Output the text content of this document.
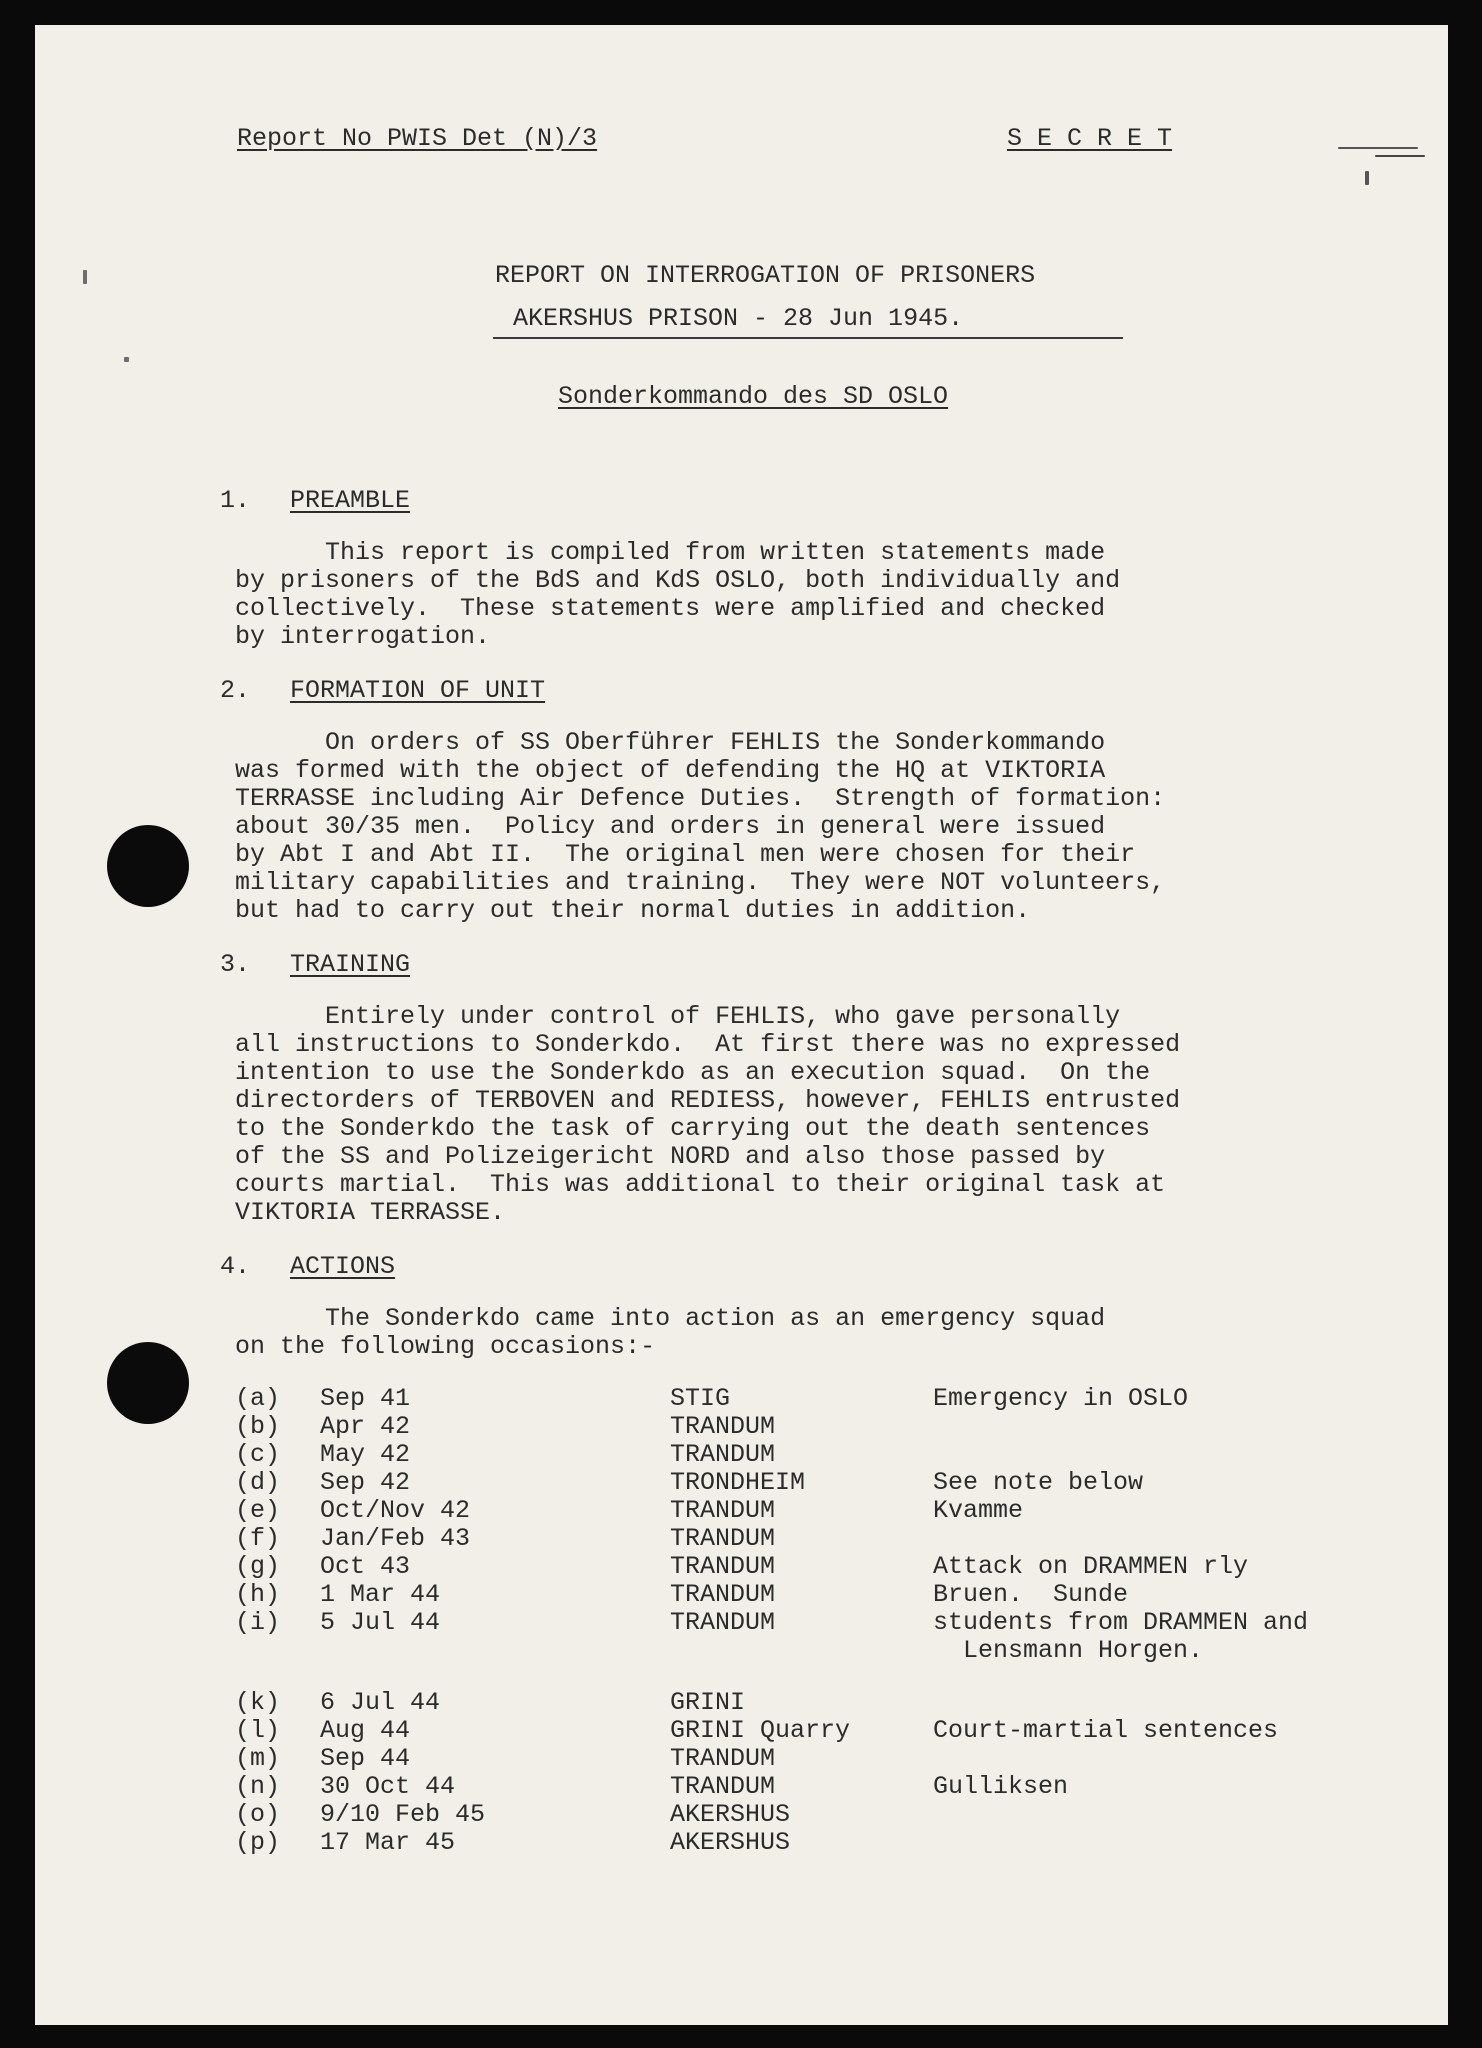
Report No PWIS Det (N)/3	S E C R E T
REPORT ON INTERROGATION OF PRISONERS
AKERSHUS PRISON - 28 Jun 1945.
Sonderkommando des SD OSLO
1. PREAMBLE
This report is compiled from written statements made
by prisoners of the BdS and KdS OSLO, both individually and
collectively.  These statements were amplified and checked
by interrogation.
2. FORMATION OF UNIT
On orders of SS Oberführer FEHLIS the Sonderkommando
was formed with the object of defending the HQ at VIKTORIA
TERRASSE including Air Defence Duties.  Strength of formation:
about 30/35 men.  Policy and orders in general were issued
by Abt I and Abt II.  The original men were chosen for their
military capabilities and training.  They were NOT volunteers,
but had to carry out their normal duties in addition.
3. TRAINING
Entirely under control of FEHLIS, who gave personally
all instructions to Sonderkdo.  At first there was no expressed
intention to use the Sonderkdo as an execution squad.  On the
directorders of TERBOVEN and REDIESS, however, FEHLIS entrusted
to the Sonderkdo the task of carrying out the death sentences
of the SS and Polizeigericht NORD and also those passed by
courts martial.  This was additional to their original task at
VIKTORIA TERRASSE.
4. ACTIONS
The Sonderkdo came into action as an emergency squad
on the following occasions:-
(a) Sep 41	STIG	Emergency in OSLO
(b) Apr 42	TRANDUM
(c) May 42	TRANDUM
(d) Sep 42	TRONDHEIM	See note below
(e) Oct/Nov 42	TRANDUM	Kvamme
(f) Jan/Feb 43	TRANDUM
(g) Oct 43	TRANDUM	Attack on DRAMMEN rly
(h) 1 Mar 44	TRANDUM	Bruen.  Sunde
(i) 5 Jul 44	TRANDUM	students from DRAMMEN and
Lensmann Horgen.
(k) 6 Jul 44	GRINI
(l) Aug 44	GRINI Quarry	Court-martial sentences
(m) Sep 44	TRANDUM
(n) 30 Oct 44	TRANDUM	Gulliksen
(o) 9/10 Feb 45	AKERSHUS
(p) 17 Mar 45	AKERSHUS
